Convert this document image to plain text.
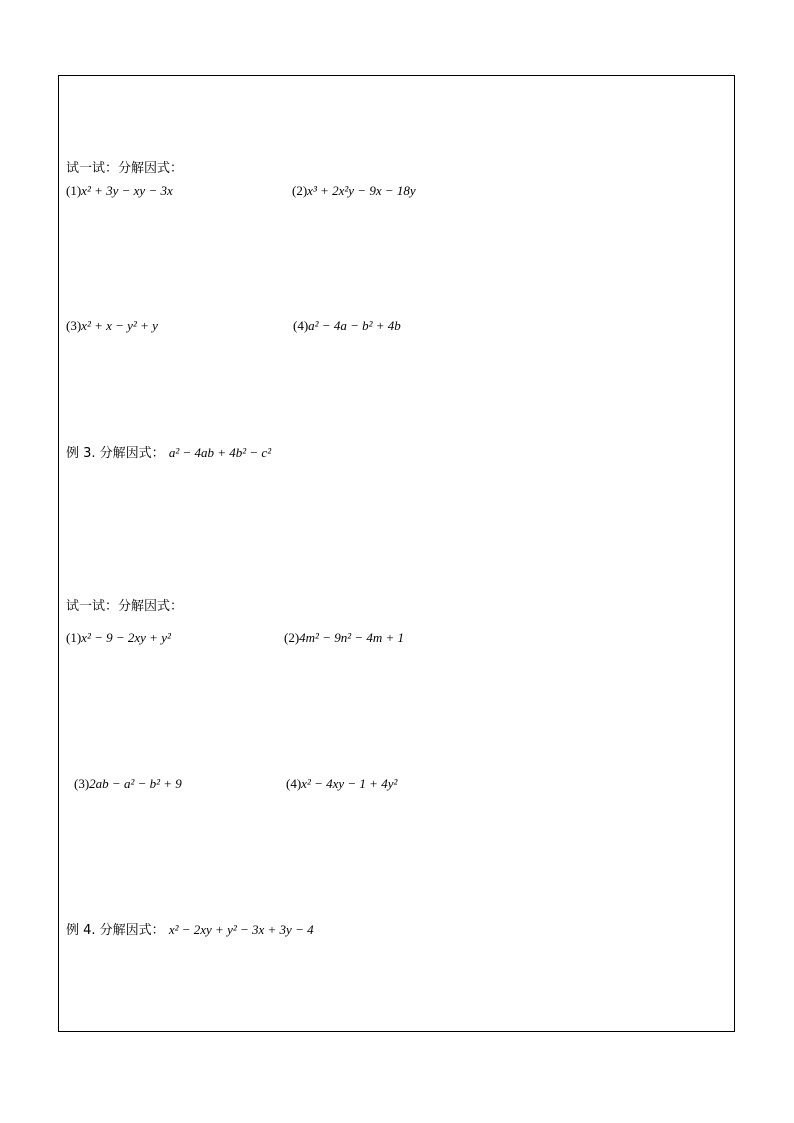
试一试：分解因式：
(1)x² + 3y − xy − 3x	(2)x³ + 2x²y − 9x − 18y
(3)x² + x − y² + y	(4)a² − 4a − b² + 4b
例 3. 分解因式： a² − 4ab + 4b² − c²
试一试：分解因式：
(1)x² − 9 − 2xy + y²	(2)4m² − 9n² − 4m + 1
(3)2ab − a² − b² + 9	(4)x² − 4xy − 1 + 4y²
例 4. 分解因式： x² − 2xy + y² − 3x + 3y − 4
